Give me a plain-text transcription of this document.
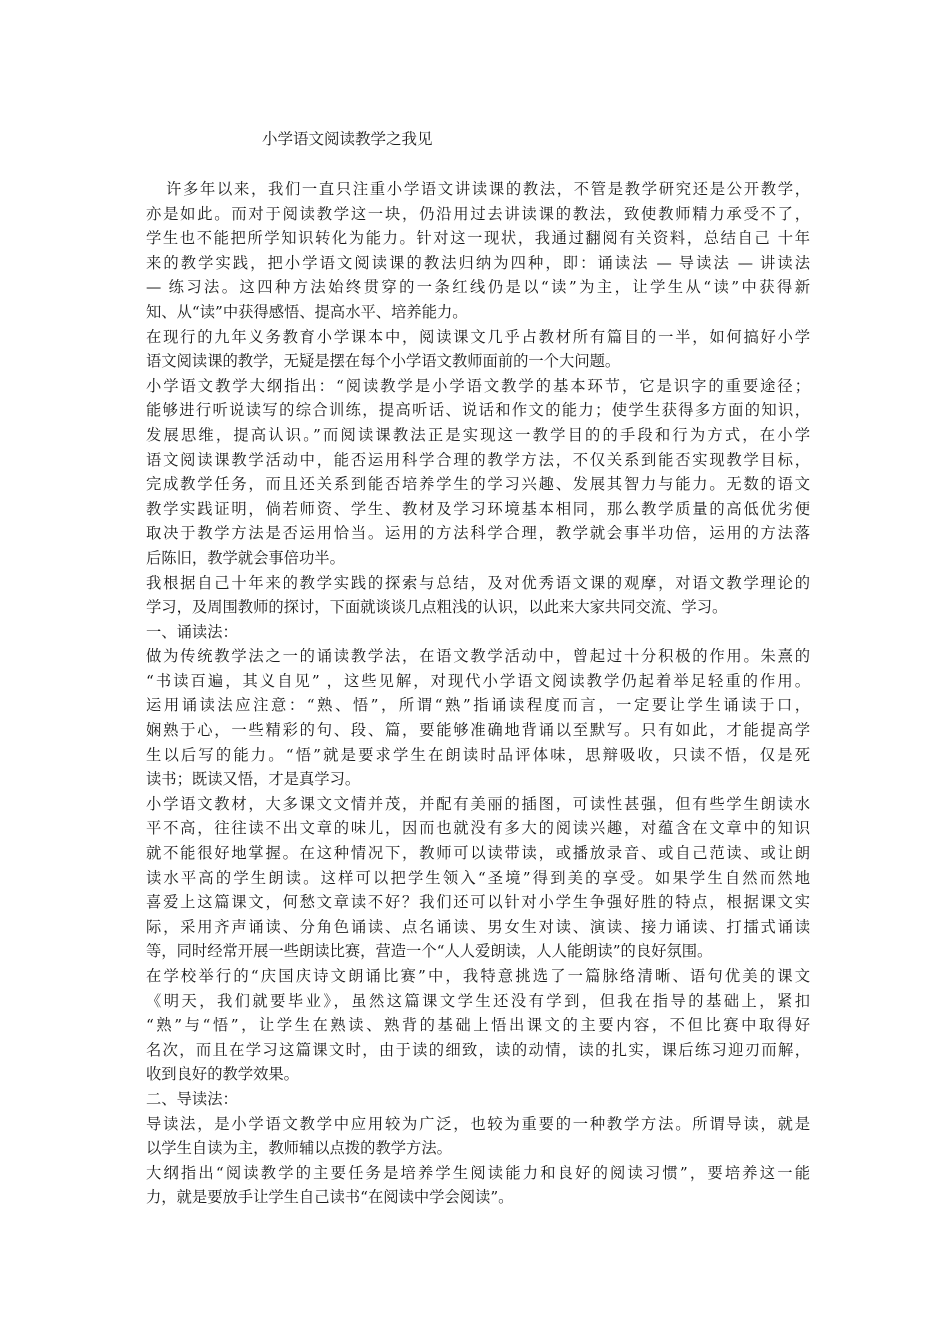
小学语文阅读教学之我见
许多年以来，我们一直只注重小学语文讲读课的教法，不管是教学研究还是公开教学，
亦是如此。而对于阅读教学这一块，仍沿用过去讲读课的教法，致使教师精力承受不了，
学生也不能把所学知识转化为能力。针对这一现状，我通过翻阅有关资料，总结自己 十年
来的教学实践，把小学语文阅读课的教法归纳为四种，即：诵读法 — 导读法 — 讲读法
— 练习法。这四种方法始终贯穿的一条红线仍是以“读”为主，让学生从“读”中获得新
知、从“读”中获得感悟、提高水平、培养能力。
在现行的九年义务教育小学课本中，阅读课文几乎占教材所有篇目的一半，如何搞好小学
语文阅读课的教学，无疑是摆在每个小学语文教师面前的一个大问题。
小学语文教学大纲指出：“阅读教学是小学语文教学的基本环节，它是识字的重要途径；
能够进行听说读写的综合训练，提高听话、说话和作文的能力；使学生获得多方面的知识，
发展思维，提高认识。”而阅读课教法正是实现这一教学目的的手段和行为方式，在小学
语文阅读课教学活动中，能否运用科学合理的教学方法，不仅关系到能否实现教学目标，
完成教学任务，而且还关系到能否培养学生的学习兴趣、发展其智力与能力。无数的语文
教学实践证明，倘若师资、学生、教材及学习环境基本相同，那么教学质量的高低优劣便
取决于教学方法是否运用恰当。运用的方法科学合理，教学就会事半功倍，运用的方法落
后陈旧，教学就会事倍功半。
我根据自己十年来的教学实践的探索与总结，及对优秀语文课的观摩，对语文教学理论的
学习，及周围教师的探讨，下面就谈谈几点粗浅的认识，以此来大家共同交流、学习。
一、诵读法：
做为传统教学法之一的诵读教学法，在语文教学活动中，曾起过十分积极的作用。朱熹的
“书读百遍，其义自见” ，这些见解，对现代小学语文阅读教学仍起着举足轻重的作用。
运用诵读法应注意：“熟、悟”，所谓“熟”指诵读程度而言，一定要让学生诵读于口，
娴熟于心，一些精彩的句、段、篇，要能够准确地背诵以至默写。只有如此，才能提高学
生以后写的能力。“悟”就是要求学生在朗读时品评体味，思辩吸收，只读不悟，仅是死
读书；既读又悟，才是真学习。
小学语文教材，大多课文文情并茂，并配有美丽的插图，可读性甚强，但有些学生朗读水
平不高，往往读不出文章的味儿，因而也就没有多大的阅读兴趣，对蕴含在文章中的知识
就不能很好地掌握。在这种情况下，教师可以读带读，或播放录音、或自己范读、或让朗
读水平高的学生朗读。这样可以把学生领入“圣境”得到美的享受。如果学生自然而然地
喜爱上这篇课文，何愁文章读不好？我们还可以针对小学生争强好胜的特点，根据课文实
际，采用齐声诵读、分角色诵读、点名诵读、男女生对读、演读、接力诵读、打擂式诵读
等，同时经常开展一些朗读比赛，营造一个“人人爱朗读，人人能朗读”的良好氛围。
在学校举行的“庆国庆诗文朗诵比赛”中，我特意挑选了一篇脉络清晰、语句优美的课文
《明天，我们就要毕业》，虽然这篇课文学生还没有学到，但我在指导的基础上，紧扣
“熟”与“悟”，让学生在熟读、熟背的基础上悟出课文的主要内容，不但比赛中取得好
名次，而且在学习这篇课文时，由于读的细致，读的动情，读的扎实，课后练习迎刃而解，
收到良好的教学效果。
二、导读法：
导读法，是小学语文教学中应用较为广泛，也较为重要的一种教学方法。所谓导读，就是
以学生自读为主，教师辅以点拨的教学方法。
大纲指出“阅读教学的主要任务是培养学生阅读能力和良好的阅读习惯”，要培养这一能
力，就是要放手让学生自己读书“在阅读中学会阅读”。
